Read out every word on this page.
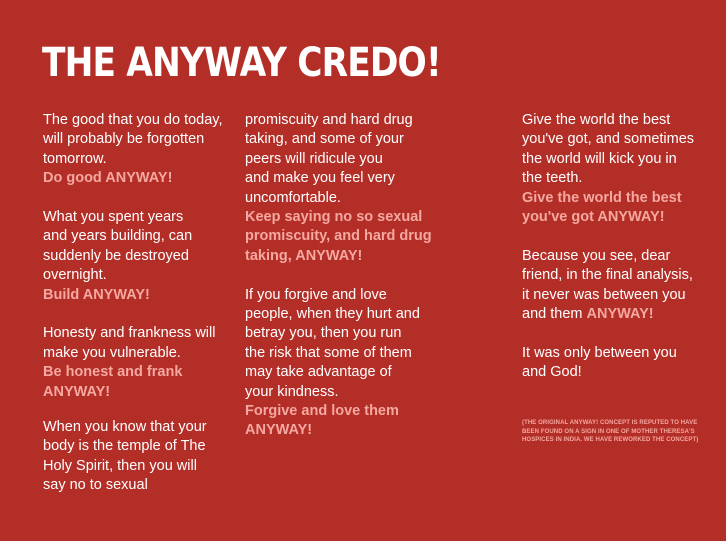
THE ANYWAY CREDO!
The good that you do today,
will probably be forgotten
tomorrow.
Do good ANYWAY!
What you spent years
and years building, can
suddenly be destroyed
overnight.
Build ANYWAY!
Honesty and frankness will
make you vulnerable.
Be honest and frank
ANYWAY!
When you know that your
body is the temple of The
Holy Spirit, then you will
say no to sexual
promiscuity and hard drug
taking, and some of your
peers will ridicule you
and make you feel very
uncomfortable.
Keep saying no so sexual
promiscuity, and hard drug
taking, ANYWAY!
If you forgive and love
people, when they hurt and
betray you, then you run
the risk that some of them
may take advantage of
your kindness.
Forgive and love them
ANYWAY!
Give the world the best
you've got, and sometimes
the world will kick you in
the teeth.
Give the world the best
you've got ANYWAY!
Because you see, dear
friend, in the final analysis,
it never was between you
and them ANYWAY!
It was only between you
and God!
(THE ORIGINAL ANYWAY! CONCEPT IS REPUTED TO HAVE
BEEN FOUND ON A SIGN IN ONE OF MOTHER THERESA'S
HOSPICES IN INDIA. WE HAVE REWORKED THE CONCEPT)
